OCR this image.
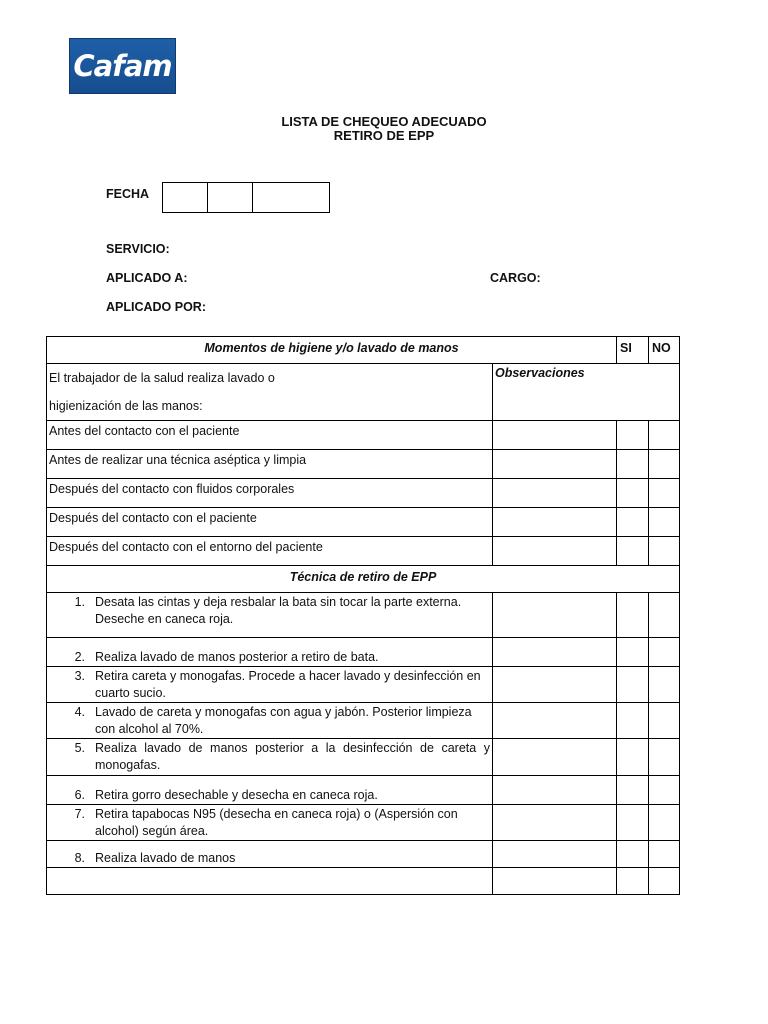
Cafam
LISTA DE CHEQUEO ADECUADO
RETIRO DE EPP
FECHA
SERVICIO:
APLICADO A:	CARGO:
APLICADO POR:
Momentos de higiene y/o lavado de manos		SI	NO

El trabajador de la salud realiza lavado o
higienización de las manos:	Observaciones		
Antes del contacto con el paciente			
Antes de realizar una técnica aséptica y limpia			
Después del contacto con fluidos corporales			
Después del contacto con el paciente			
Después del contacto con el entorno del paciente			
Técnica de retiro de EPP			

1. Desata las cintas y deja resbalar la bata sin tocar la parte externa. Deseche en caneca roja.			

2. Realiza lavado de manos posterior a retiro de bata.			

3. Retira careta y monogafas. Procede a hacer lavado y desinfección en cuarto sucio.			

4. Lavado de careta y monogafas con agua y jabón. Posterior limpieza con alcohol al 70%.			

5. Realiza lavado de manos posterior a la desinfección de careta y monogafas.			

6. Retira gorro desechable y desecha en caneca roja.			

7. Retira tapabocas N95 (desecha en caneca roja) o (Aspersión con alcohol) según área.			

8. Realiza lavado de manos			
